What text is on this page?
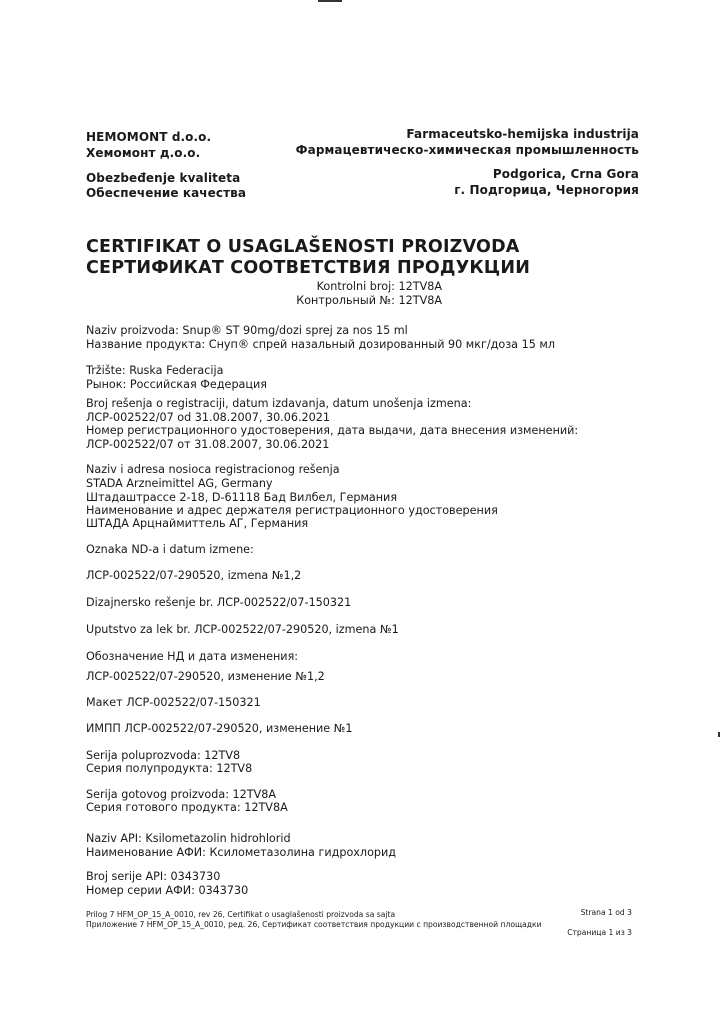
HEMOMONT d.o.o.
Хемомонт д.о.о.
Farmaceutsko-hemijska industrija
Фармацевтическо-химическая промышленность
Obezbeđenje kvaliteta
Обеспечение качества
Podgorica, Crna Gora
г. Подгорица, Черногория
CERTIFIKAT O USAGLAŠENOSTI PROIZVODA
СЕРТИФИКАТ СООТВЕТСТВИЯ ПРОДУКЦИИ
Kontrolni broj: 12TV8A
Контрольный №: 12TV8A
Naziv proizvoda: Snup® ST 90mg/dozi sprej za nos 15 ml
Название продукта: Снуп® спрей назальный дозированный 90 мкг/доза 15 мл
Tržište: Ruska Federacija
Рынок: Российская Федерация
Broj rešenja o registraciji, datum izdavanja, datum unošenja izmena:
ЛСР-002522/07 od 31.08.2007, 30.06.2021
Номер регистрационного удостоверения, дата выдачи, дата внесения изменений:
ЛСР-002522/07 от 31.08.2007, 30.06.2021
Naziv i adresa nosioca registracionog rešenja
STADA Arzneimittel AG, Germany
Штадаштрассе 2-18, D-61118 Бад Вилбел, Германия
Наименование и адрес держателя регистрационного удостоверения
ШТАДА Арцнаймиттель АГ, Германия
Oznaka ND-a i datum izmene:
ЛСР-002522/07-290520, izmena №1,2
Dizajnersko rešenje br. ЛСР-002522/07-150321
Uputstvo za lek br. ЛСР-002522/07-290520, izmena №1
Обозначение НД и дата изменения:
ЛСР-002522/07-290520, изменение №1,2
Макет ЛСР-002522/07-150321
ИМПП ЛСР-002522/07-290520, изменение №1
Serija poluprozvoda: 12TV8
Серия полупродукта: 12TV8
Serija gotovog proizvoda: 12TV8A
Серия готового продукта: 12TV8A
Naziv API: Ksilometazolin hidrohlorid
Наименование АФИ: Ксилометазолина гидрохлорид
Broj serije API: 0343730
Номер серии АФИ: 0343730
Prilog 7 HFM_OP_15_A_0010, rev 26, Certifikat o usaglašenosti proizvoda sa sajta
Приложение 7 HFM_OP_15_A_0010, ред. 26, Сертификат соответствия продукции с производственной площадки
Strana 1 od 3
Страница 1 из 3
